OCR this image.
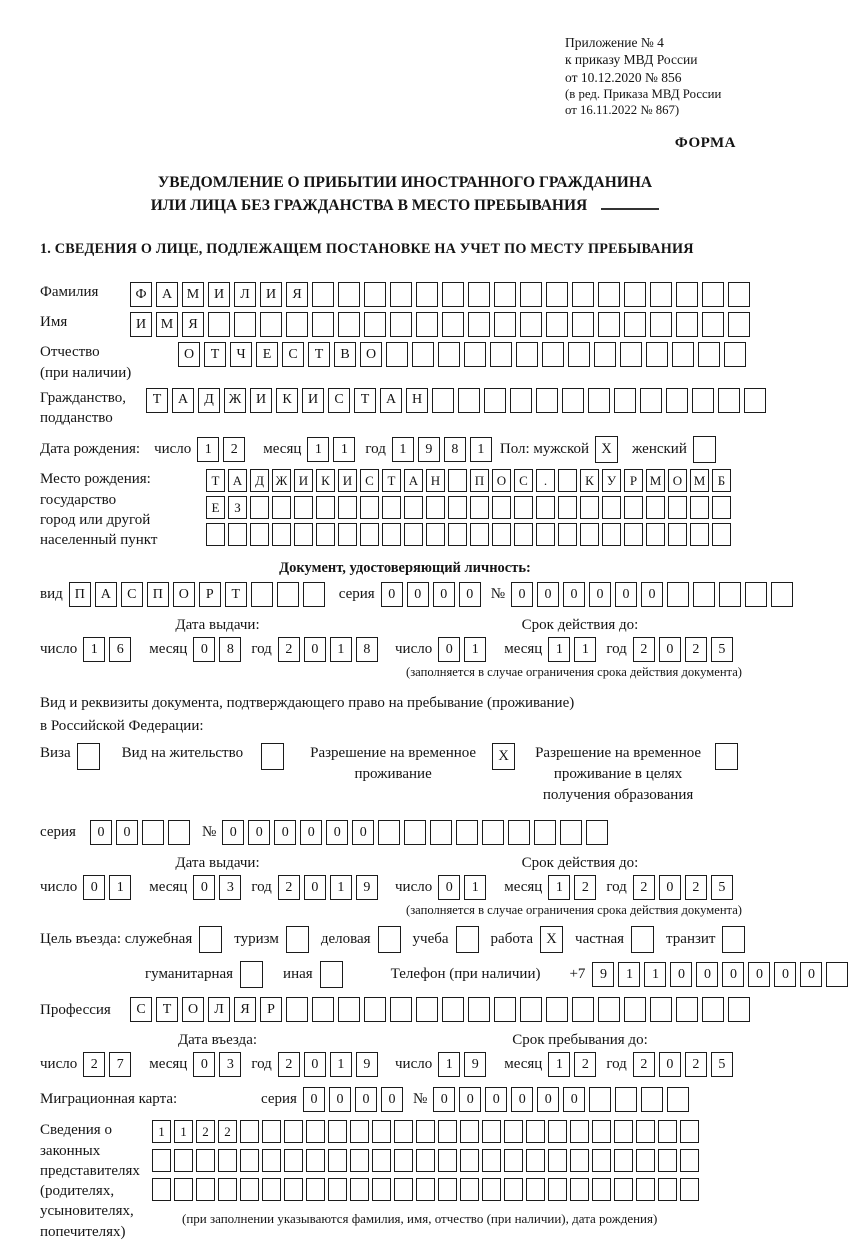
Приложение № 4
к приказу МВД России
от 10.12.2020 № 856
(в ред. Приказа МВД России
от 16.11.2022 № 867)
ФОРМА
УВЕДОМЛЕНИЕ О ПРИБЫТИИ ИНОСТРАННОГО ГРАЖДАНИНА
ИЛИ ЛИЦА БЕЗ ГРАЖДАНСТВА В МЕСТО ПРЕБЫВАНИЯ
1. СВЕДЕНИЯ О ЛИЦЕ, ПОДЛЕЖАЩЕМ ПОСТАНОВКЕ НА УЧЕТ ПО МЕСТУ ПРЕБЫВАНИЯ
Фамилия	Ф	А	М	И	Л	И	Я
Имя	И	М	Я
Отчество
(при наличии)
О	Т	Ч	Е	С	Т	В	О
Гражданство,
подданство
Т	А	Д	Ж	И	К	И	С	Т	А	Н
Дата рождения: число 1	2	месяц 1	1	год 1	9	8	1	Пол: мужской X	женский
Место рождения:
государство
город или другой
населенный пункт
Т	А Д Ж И К И С	Т	А Н	П О С	.	К	У	Р М О М Б
Е	З
Документ, удостоверяющий личность:
вид П	А	С	П	О	Р	Т	серия 0	0	0	0	№ 0	0	0	0	0	0
Дата выдачи:
число 1	6	месяц 0	8	год 2	0	1	8
Срок действия до:
число 0	1	месяц 1	1	год 2	0	2	5
(заполняется в случае ограничения срока действия документа)
Вид и реквизиты документа, подтверждающего право на пребывание (проживание)
в Российской Федерации:
Виза	Вид на жительство	Разрешение на временное
проживание
X	Разрешение на временное
проживание в целях
получения образования
серия	0	0	№ 0	0	0	0	0	0
Дата выдачи:
число 0	1	месяц 0	3	год 2	0	1	9
Срок действия до:
число 0	1	месяц 1	2	год 2	0	2	5
(заполняется в случае ограничения срока действия документа)
Цель въезда: служебная	туризм	деловая	учеба	работа X	частная	транзит
гуманитарная	иная	Телефон (при наличии) +7	9	1	1	0	0	0	0	0	0
Профессия	С	Т	О	Л	Я	Р
Дата въезда:
число 2	7	месяц 0	3	год 2	0	1	9
Срок пребывания до:
число 1	9	месяц 1	2	год 2	0	2	5
Миграционная карта:	серия 0	0	0	0	№ 0	0	0	0	0	0
Сведения о
законных
представителях
(родителях,
усыновителях,
попечителях)
1	1	2	2
(при заполнении указываются фамилия, имя, отчество (при наличии), дата рождения)
